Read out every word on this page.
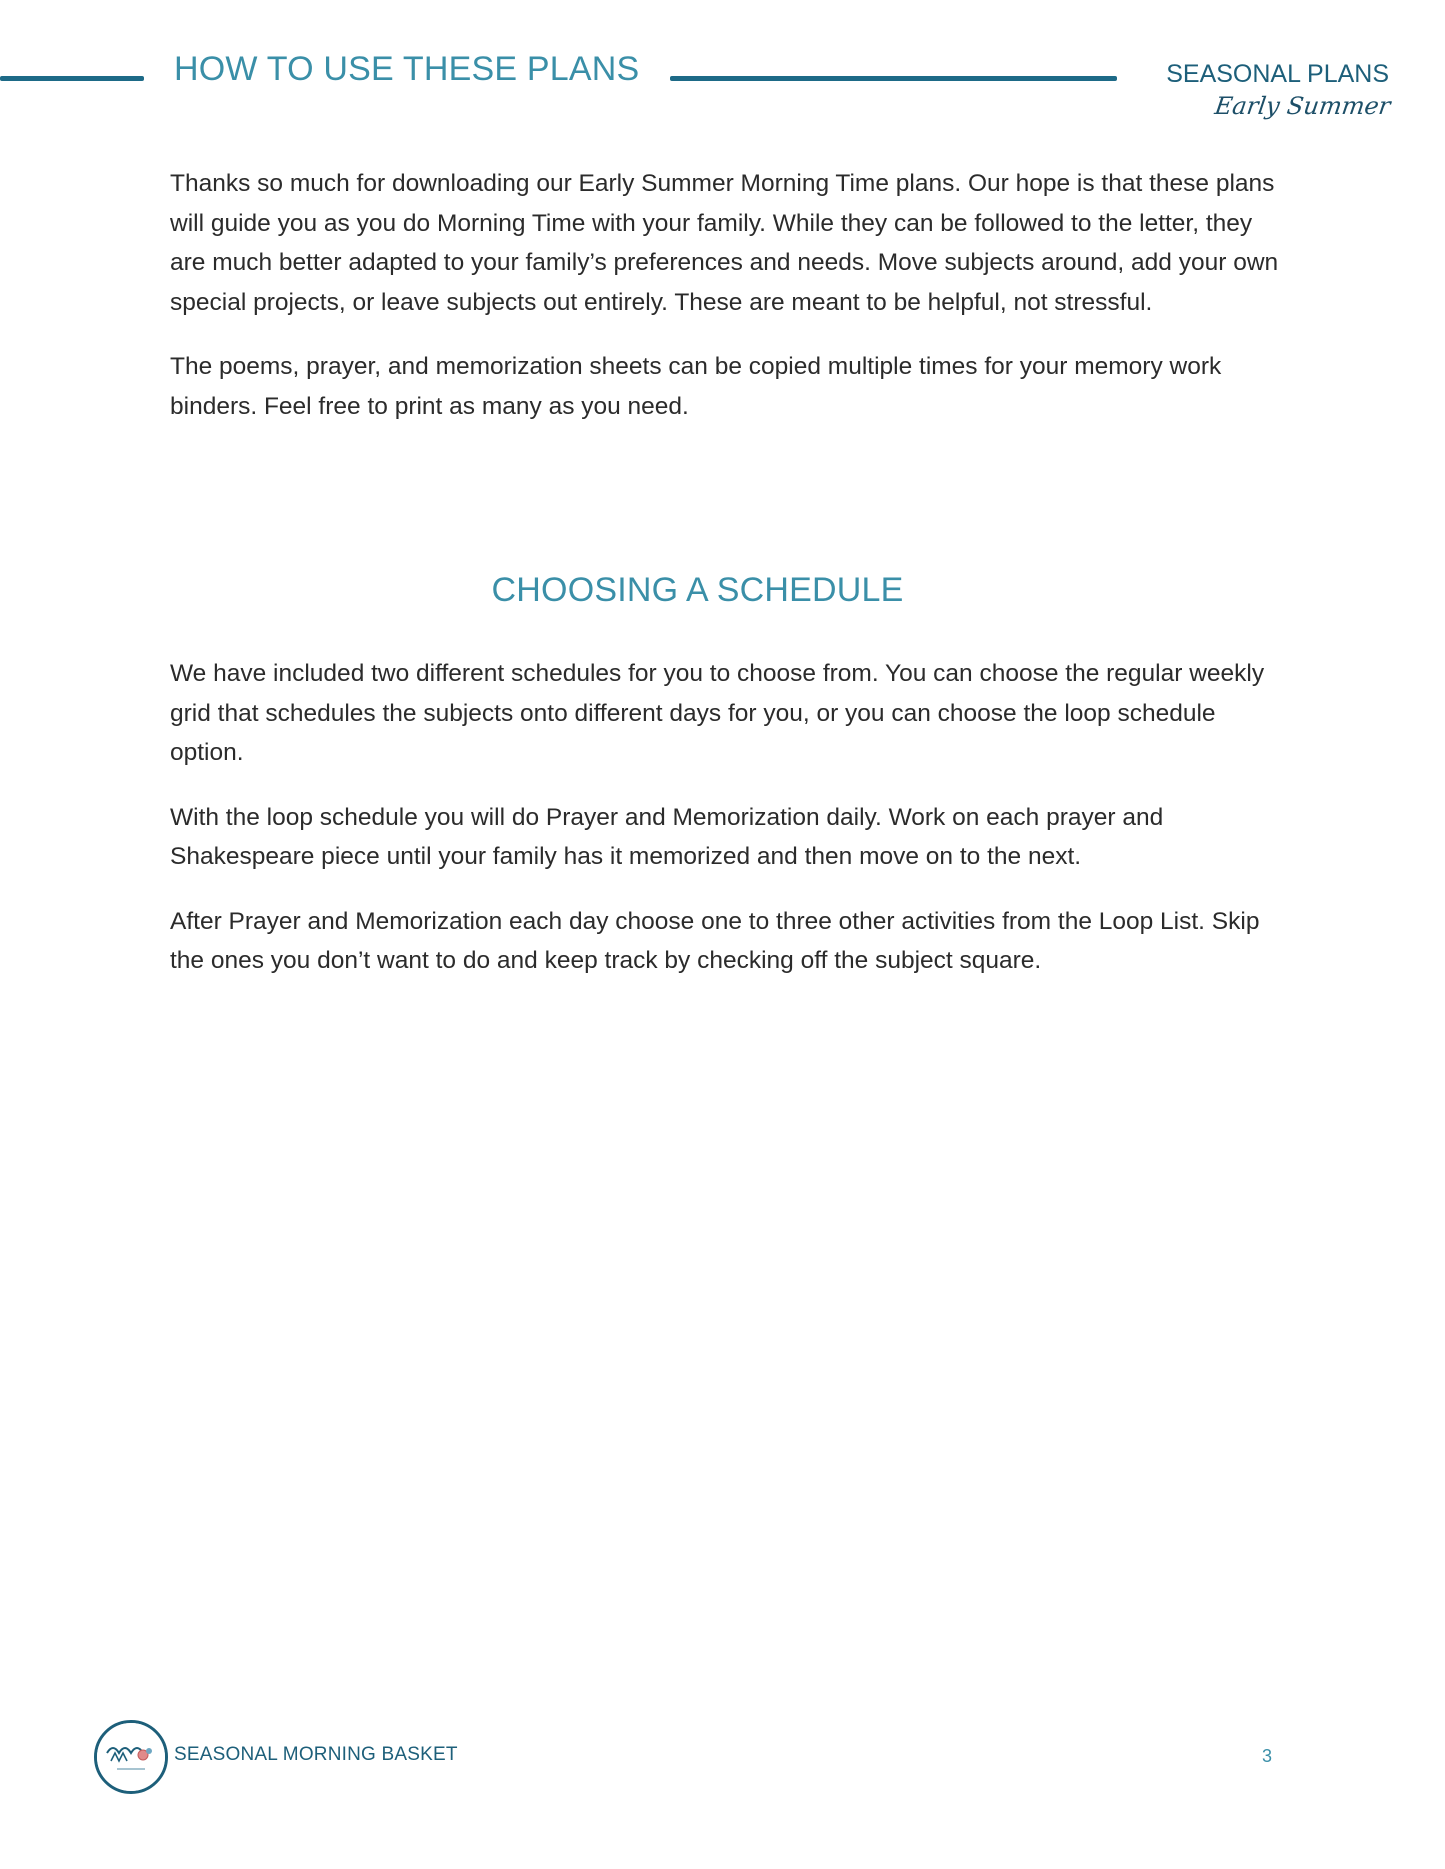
HOW TO USE THESE PLANS	SEASONAL PLANS
Early Summer

Thanks so much for downloading our Early Summer Morning Time plans. Our hope is that these plans will guide you as you do Morning Time with your family. While they can be followed to the letter, they are much better adapted to your family’s preferences and needs. Move subjects around, add your own special projects, or leave subjects out entirely. These are meant to be helpful, not stressful.

The poems, prayer, and memorization sheets can be copied multiple times for your memory work binders. Feel free to print as many as you need.

CHOOSING A SCHEDULE

We have included two different schedules for you to choose from. You can choose the regular weekly grid that schedules the subjects onto different days for you, or you can choose the loop schedule option.

With the loop schedule you will do Prayer and Memorization daily. Work on each prayer and Shakespeare piece until your family has it memorized and then move on to the next.

After Prayer and Memorization each day choose one to three other activities from the Loop List. Skip the ones you don’t want to do and keep track by checking off the subject square.

SEASONAL MORNING BASKET	3
